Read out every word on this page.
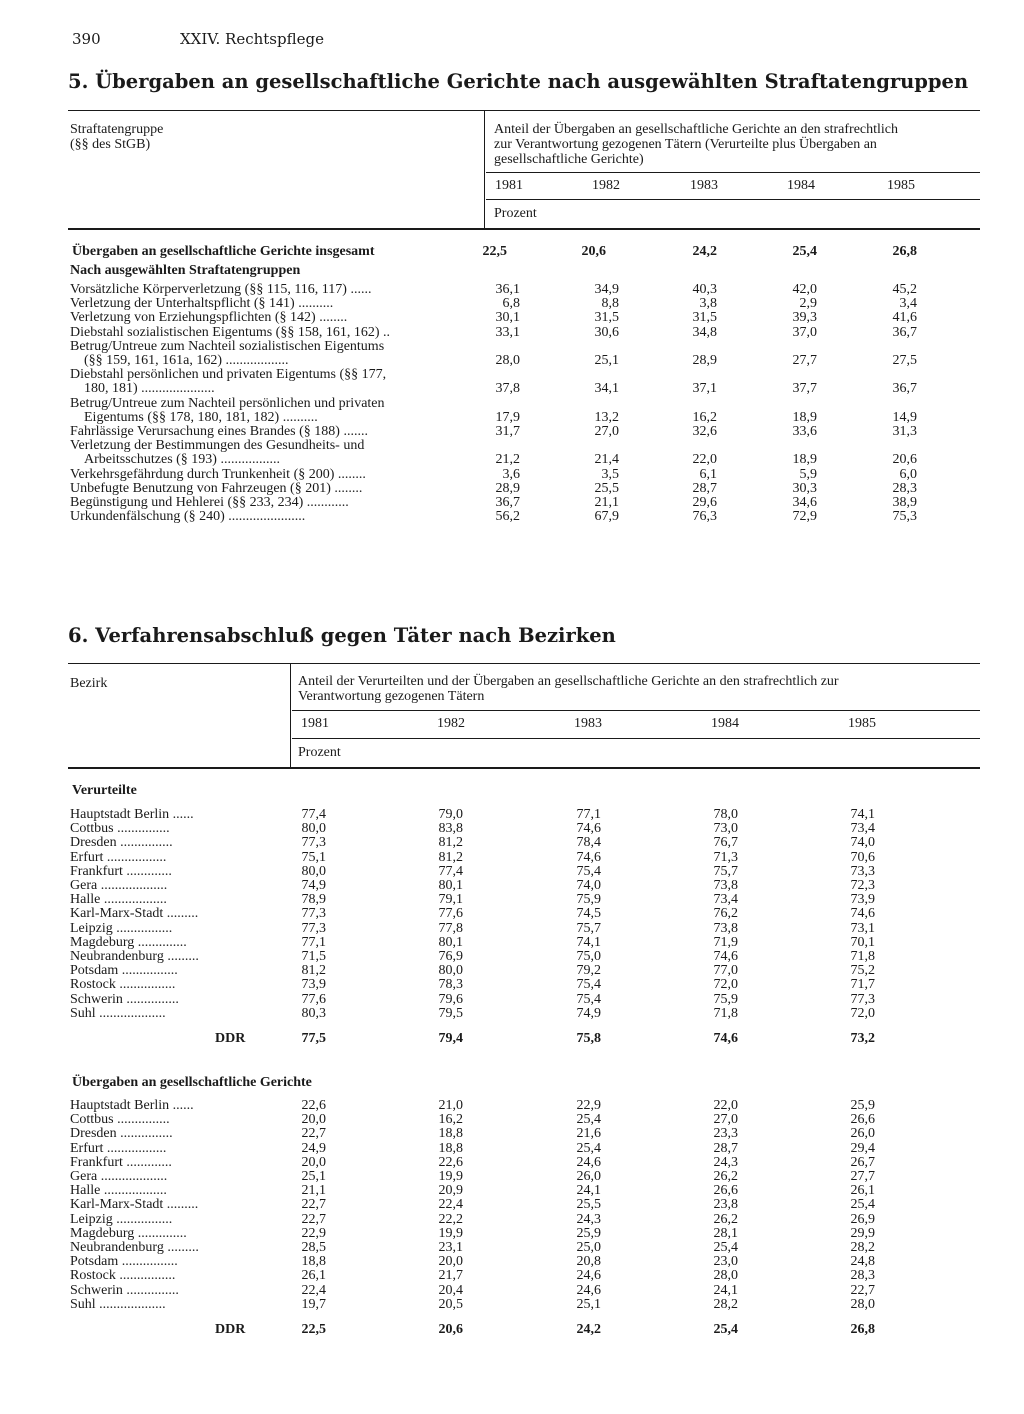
390	XXIV. Rechtspflege
5. Übergaben an gesellschaftliche Gerichte nach ausgewählten Straftatengruppen
Straftatengruppe
(§§ des StGB)
Anteil der Übergaben an gesellschaftliche Gerichte an den strafrechtlich
zur Verantwortung gezogenen Tätern (Verurteilte plus Übergaben an
gesellschaftliche Gerichte)
1981	1982	1983	1984	1985
Prozent
Übergaben an gesellschaftliche Gerichte insgesamt	22,5	20,6	24,2	25,4	26,8
Nach ausgewählten Straftatengruppen
Vorsätzliche Körperverletzung (§§ 115, 116, 117) ......	36,1	34,9	40,3	42,0	45,2
Verletzung der Unterhaltspflicht (§ 141) ..........	6,8	8,8	3,8	2,9	3,4
Verletzung von Erziehungspflichten (§ 142) ........	30,1	31,5	31,5	39,3	41,6
Diebstahl sozialistischen Eigentums (§§ 158, 161, 162) ..	33,1	30,6	34,8	37,0	36,7
Betrug/Untreue zum Nachteil sozialistischen Eigentums
(§§ 159, 161, 161a, 162) ..................	28,0	25,1	28,9	27,7	27,5
Diebstahl persönlichen und privaten Eigentums (§§ 177,
180, 181) .....................	37,8	34,1	37,1	37,7	36,7
Betrug/Untreue zum Nachteil persönlichen und privaten
Eigentums (§§ 178, 180, 181, 182) ..........	17,9	13,2	16,2	18,9	14,9
Fahrlässige Verursachung eines Brandes (§ 188) .......	31,7	27,0	32,6	33,6	31,3
Verletzung der Bestimmungen des Gesundheits- und
Arbeitsschutzes (§ 193) .................	21,2	21,4	22,0	18,9	20,6
Verkehrsgefährdung durch Trunkenheit (§ 200) ........	3,6	3,5	6,1	5,9	6,0
Unbefugte Benutzung von Fahrzeugen (§ 201) ........	28,9	25,5	28,7	30,3	28,3
Begünstigung und Hehlerei (§§ 233, 234) ............	36,7	21,1	29,6	34,6	38,9
Urkundenfälschung (§ 240) ......................	56,2	67,9	76,3	72,9	75,3
6. Verfahrensabschluß gegen Täter nach Bezirken
Bezirk	Anteil der Verurteilten und der Übergaben an gesellschaftliche Gerichte an den strafrechtlich zur
Verantwortung gezogenen Tätern
1981	1982	1983	1984	1985
Prozent
Verurteilte
Hauptstadt Berlin ......	77,4	79,0	77,1	78,0	74,1
Cottbus ...............	80,0	83,8	74,6	73,0	73,4
Dresden ...............	77,3	81,2	78,4	76,7	74,0
Erfurt .................	75,1	81,2	74,6	71,3	70,6
Frankfurt .............	80,0	77,4	75,4	75,7	73,3
Gera ...................	74,9	80,1	74,0	73,8	72,3
Halle ..................	78,9	79,1	75,9	73,4	73,9
Karl-Marx-Stadt .........	77,3	77,6	74,5	76,2	74,6
Leipzig ................	77,3	77,8	75,7	73,8	73,1
Magdeburg ..............	77,1	80,1	74,1	71,9	70,1
Neubrandenburg .........	71,5	76,9	75,0	74,6	71,8
Potsdam ................	81,2	80,0	79,2	77,0	75,2
Rostock ................	73,9	78,3	75,4	72,0	71,7
Schwerin ...............	77,6	79,6	75,4	75,9	77,3
Suhl ...................	80,3	79,5	74,9	71,8	72,0
DDR	77,5	79,4	75,8	74,6	73,2
Übergaben an gesellschaftliche Gerichte
Hauptstadt Berlin ......	22,6	21,0	22,9	22,0	25,9
Cottbus ...............	20,0	16,2	25,4	27,0	26,6
Dresden ...............	22,7	18,8	21,6	23,3	26,0
Erfurt .................	24,9	18,8	25,4	28,7	29,4
Frankfurt .............	20,0	22,6	24,6	24,3	26,7
Gera ...................	25,1	19,9	26,0	26,2	27,7
Halle ..................	21,1	20,9	24,1	26,6	26,1
Karl-Marx-Stadt .........	22,7	22,4	25,5	23,8	25,4
Leipzig ................	22,7	22,2	24,3	26,2	26,9
Magdeburg ..............	22,9	19,9	25,9	28,1	29,9
Neubrandenburg .........	28,5	23,1	25,0	25,4	28,2
Potsdam ................	18,8	20,0	20,8	23,0	24,8
Rostock ................	26,1	21,7	24,6	28,0	28,3
Schwerin ...............	22,4	20,4	24,6	24,1	22,7
Suhl ...................	19,7	20,5	25,1	28,2	28,0
DDR	22,5	20,6	24,2	25,4	26,8
